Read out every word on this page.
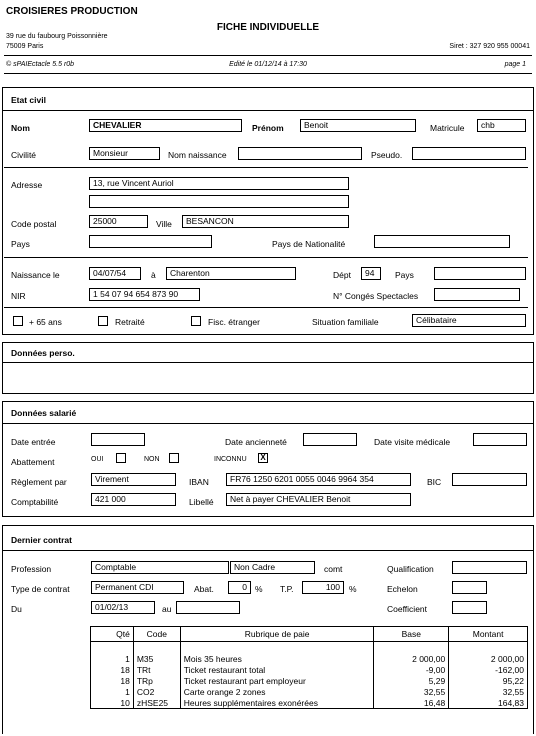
CROISIERES PRODUCTION
39 rue du faubourg Poissonnière
75009 Paris
FICHE INDIVIDUELLE
Siret : 327 920 955 00041
© sPAIEctacle 5.5 r0b	Edité le 01/12/14 à 17:30	page 1
Etat civil
Nom	CHEVALIER	Prénom	Benoit	Matricule	chb
Civilité	Monsieur	Nom naissance	Pseudo.
Adresse	13, rue Vincent Auriol
Code postal	25000	Ville	BESANCON
Pays	Pays de Nationalité
Naissance le	04/07/54	à	Charenton	Dépt	94	Pays
NIR	1 54 07 94 654 873 90	N° Congés Spectacles
+ 65 ans	Retraité	Fisc. étranger	Situation familiale	Célibataire
Données perso.
Données salarié
Date entrée	Date ancienneté	Date visite médicale
Abattement	OUI	NON	INCONNU X
Règlement par	Virement	IBAN	FR76 1250 6201 0055 0046 9964 354	BIC
Comptabilité	421 000	Libellé	Net à payer CHEVALIER Benoit
Dernier contrat
Profession	Comptable	Non Cadre	comt	Qualification
Type de contrat	Permanent CDI	Abat.	0 % T.P.	100	%	Echelon
Du	01/02/13	au	Coefficient
Qté	Code	Rubrique de paie	Base	Montant

1	M35	Mois 35 heures	2 000,00	2 000,00
18	TRt	Ticket restaurant total	-9,00	-162,00
18	TRp	Ticket restaurant part employeur	5,29	95,22
1	CO2	Carte orange 2 zones	32,55	32,55
10	zHSE25	Heures supplémentaires exonérées	16,48	164,83
